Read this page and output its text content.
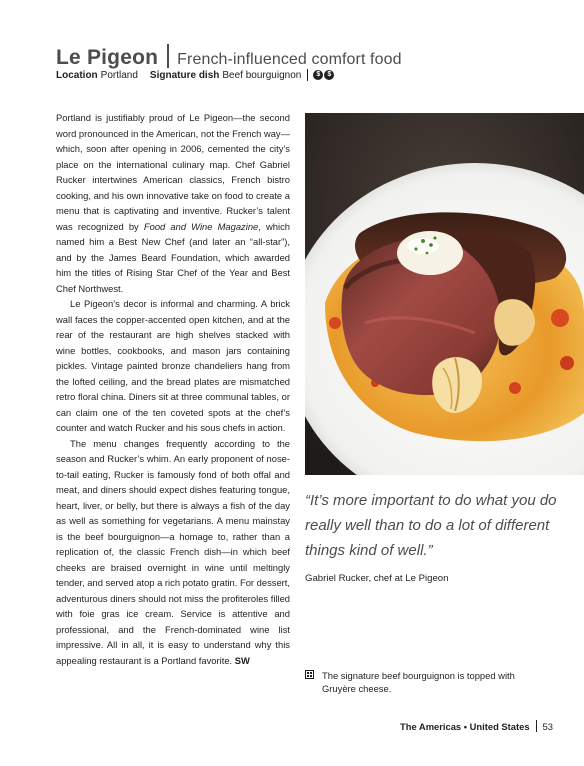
Le Pigeon French-influenced comfort food
Location Portland Signature dish Beef bourguignon	$	$

Portland is justifiably proud of Le Pigeon—the second word pronounced in the American, not the French way—which, soon after opening in 2006, cemented the city’s place on the international culinary map. Chef Gabriel Rucker intertwines American classics, French bistro cooking, and his own innovative take on food to create a menu that is captivating and inventive. Rucker’s talent was recognized by Food and Wine Magazine, which named him a Best New Chef (and later an “all-star”), and by the James Beard Foundation, which awarded him the titles of Rising Star Chef of the Year and Best Chef Northwest.

Le Pigeon’s decor is informal and charming. A brick wall faces the copper-accented open kitchen, and at the rear of the restaurant are high shelves stacked with wine bottles, cookbooks, and mason jars containing pickles. Vintage painted bronze chandeliers hang from the lofted ceiling, and the bread plates are mismatched retro floral china. Diners sit at three communal tables, or can claim one of the ten coveted spots at the chef’s counter and watch Rucker and his sous chefs in action.

The menu changes frequently according to the season and Rucker’s whim. An early proponent of nose-to-tail eating, Rucker is famously fond of both offal and meat, and diners should expect dishes featuring tongue, heart, liver, or belly, but there is always a fish of the day as well as something for vegetarians. A menu mainstay is the beef bourguignon—a homage to, rather than a replication of, the classic French dish—in which beef cheeks are braised overnight in wine until meltingly tender, and served atop a rich potato gratin. For dessert, adventurous diners should not miss the profiteroles filled with foie gras ice cream. Service is attentive and professional, and the French-dominated wine list impressive. All in all, it is easy to understand why this appealing restaurant is a Portland favorite. SW

“It’s more important to do what you do really well than to do a lot of different things kind of well.”
Gabriel Rucker, chef at Le Pigeon
The signature beef bourguignon is topped with Gruyère cheese.
The Americas • United States 53
